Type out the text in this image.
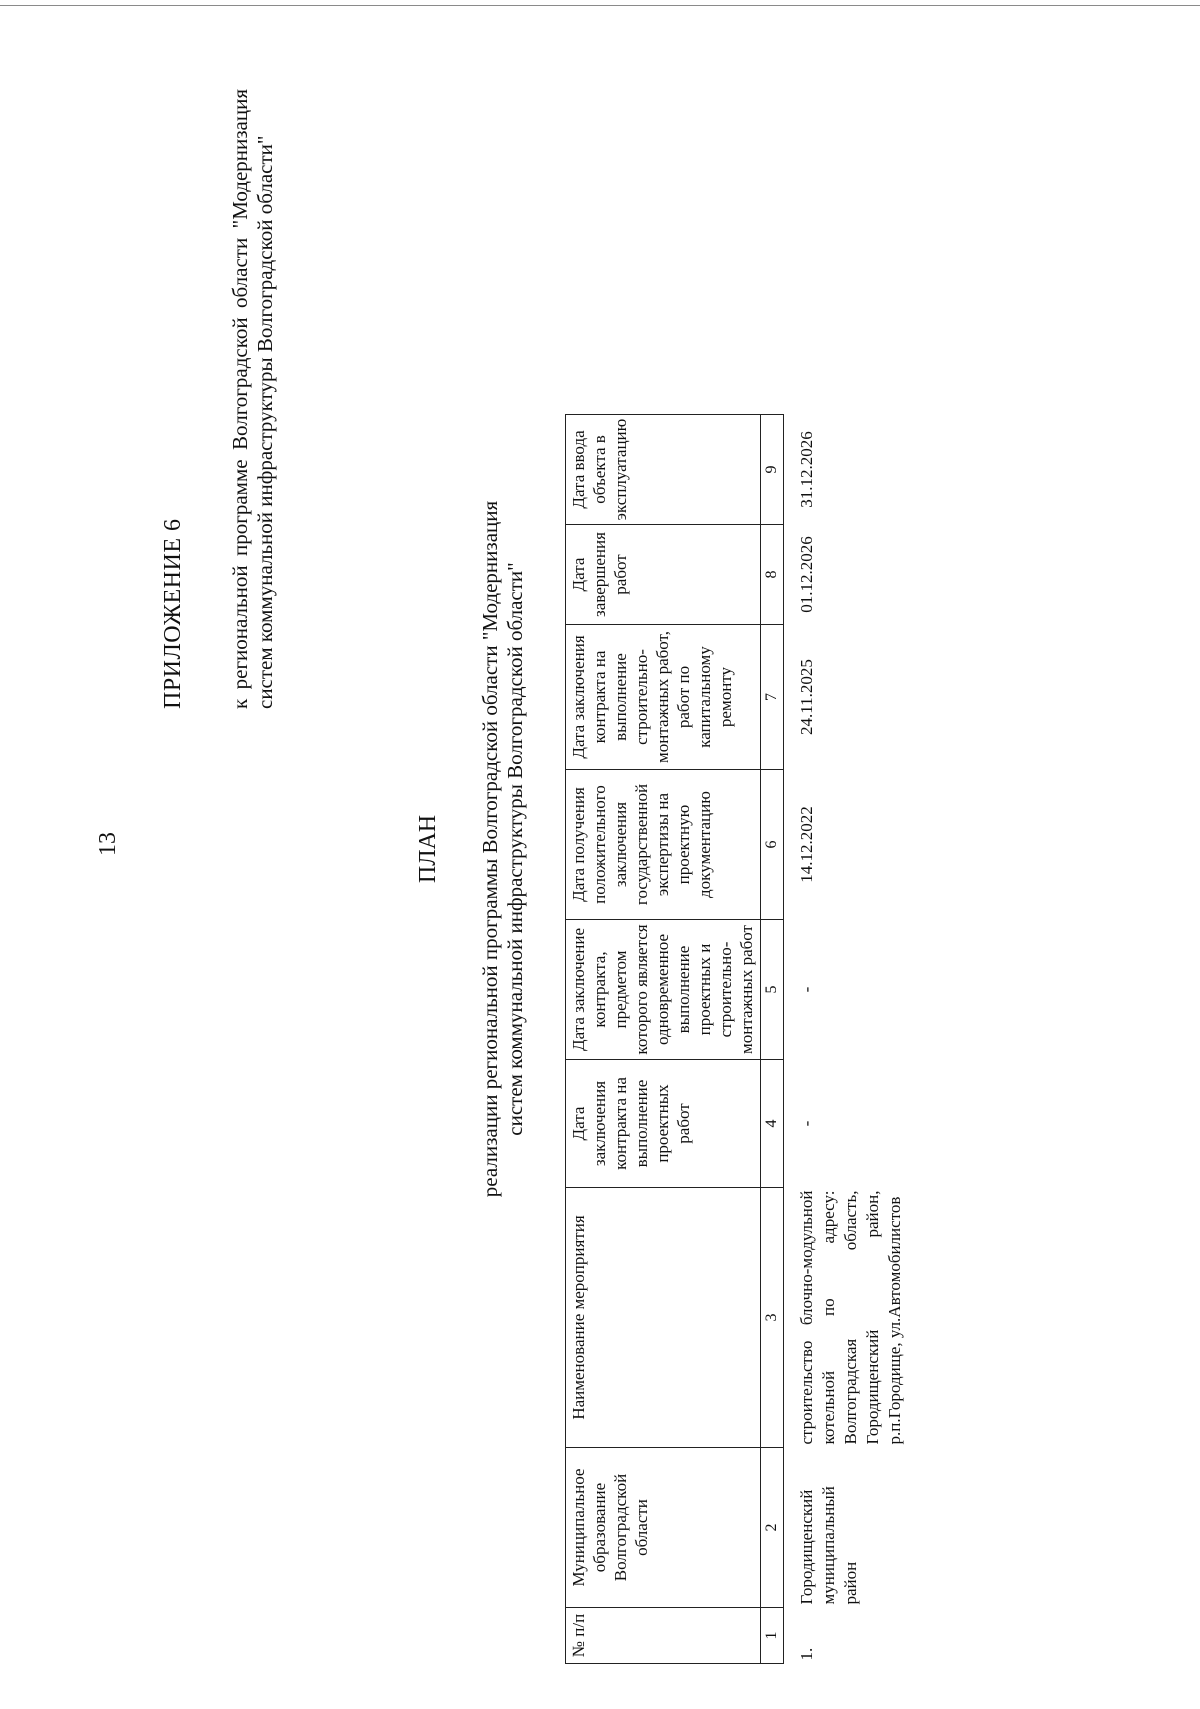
13
ПРИЛОЖЕНИЕ 6 к региональной программе Волгоградской области "Модернизация систем коммунальной инфраструктуры Волгоградской области"
ПЛАН реализации региональной программы Волгоградской области "Модернизация систем коммунальной инфраструктуры Волгоградской области"
№ п/п	Муниципальное образование Волгоградской области	Наименование мероприятия	Дата заключения контракта на выполнение проектных работ	Дата заключение контракта, предметом которого является одновременное выполнение проектных и строительно-монтажных работ	Дата получения положительного заключения государственной экспертизы на проектную документацию	Дата заключения контракта на выполнение строительно-монтажных работ, работ по капитальному ремонту	Дата завершения работ	Дата ввода объекта в эксплуатацию
1	2	3	4	5	6	7	8	9
1.	Городищенский муниципальный район	строительство блочно-модульной котельной по адресу: Волгоградская область, Городищенский район, р.п.Городище, ул.Автомобилистов	-	-	14.12.2022	24.11.2025	01.12.2026	31.12.2026
